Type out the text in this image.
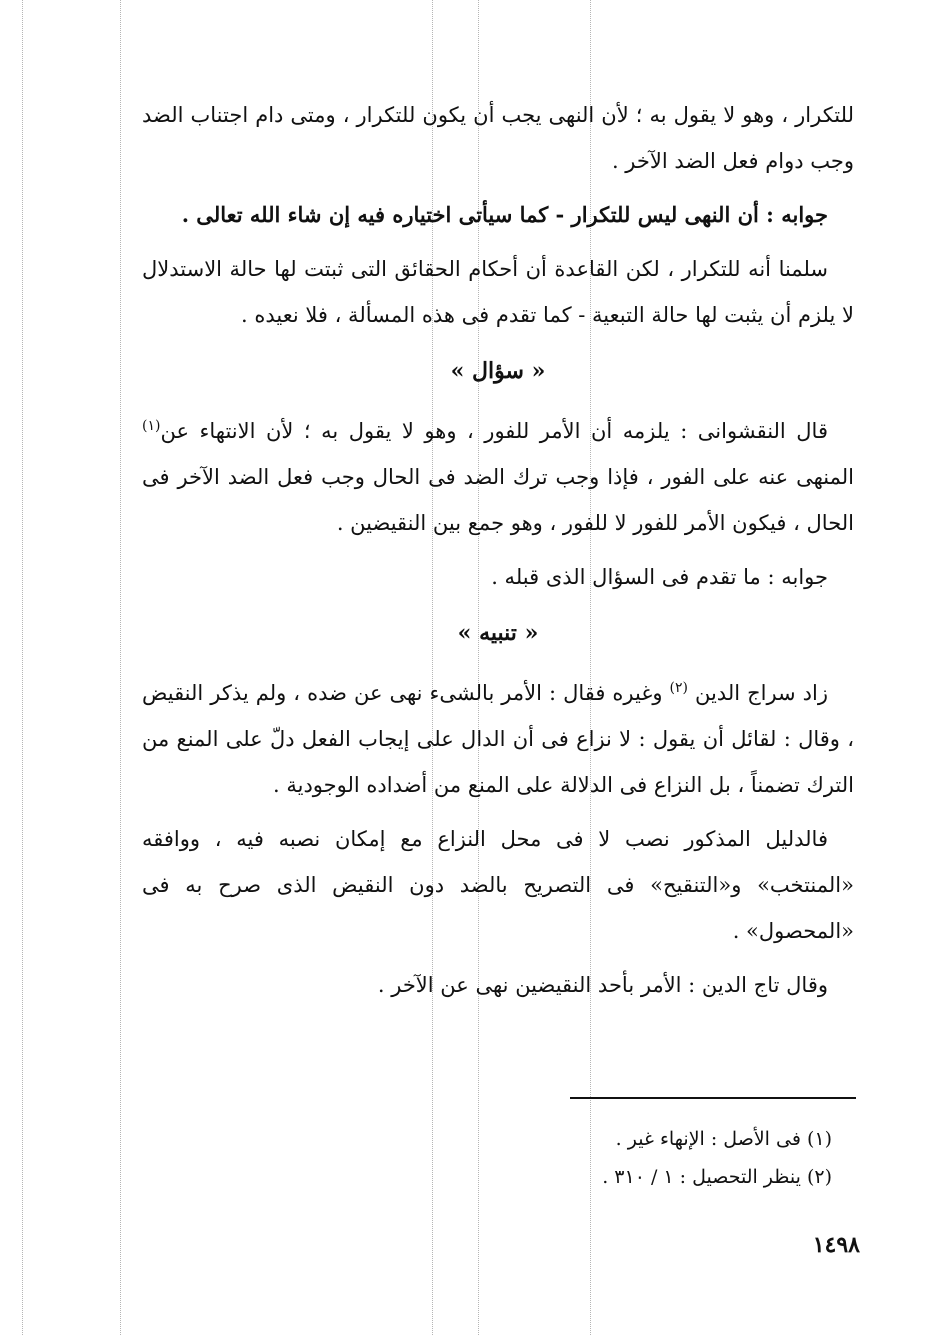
للتكرار ، وهو لا يقول به ؛ لأن النهى يجب أن يكون للتكرار ، ومتى دام اجتناب الضد وجب دوام فعل الضد الآخر .

جوابه : أن النهى ليس للتكرار - كما سيأتى اختياره فيه إن شاء الله تعالى .

سلمنا أنه للتكرار ، لكن القاعدة أن أحكام الحقائق التى ثبتت لها حالة الاستدلال لا يلزم أن يثبت لها حالة التبعية - كما تقدم فى هذه المسألة ، فلا نعيده .

« سؤال »

قال النقشوانى : يلزمه أن الأمر للفور ، وهو لا يقول به ؛ لأن الانتهاء عن$^{(١)}$ المنهى عنه على الفور ، فإذا وجب ترك الضد فى الحال وجب فعل الضد الآخر فى الحال ، فيكون الأمر للفور لا للفور ، وهو جمع بين النقيضين .

جوابه : ما تقدم فى السؤال الذى قبله .

« تنبيه »

زاد سراج الدين $^{(٢)}$ وغيره فقال : الأمر بالشىء نهى عن ضده ، ولم يذكر النقيض ، وقال : لقائل أن يقول : لا نزاع فى أن الدال على إيجاب الفعل دلّ على المنع من الترك تضمناً ، بل النزاع فى الدلالة على المنع من أضداده الوجودية .

فالدليل المذكور نصب لا فى محل النزاع مع إمكان نصبه فيه ، ووافقه «المنتخب» و«التنقيح» فى التصريح بالضد دون النقيض الذى صرح به فى «المحصول» .

وقال تاج الدين : الأمر بأحد النقيضين نهى عن الآخر .

(١) فى الأصل : الإنهاء غير .

(٢) ينظر التحصيل : ١ / ٣١٠ .

١٤٩٨
